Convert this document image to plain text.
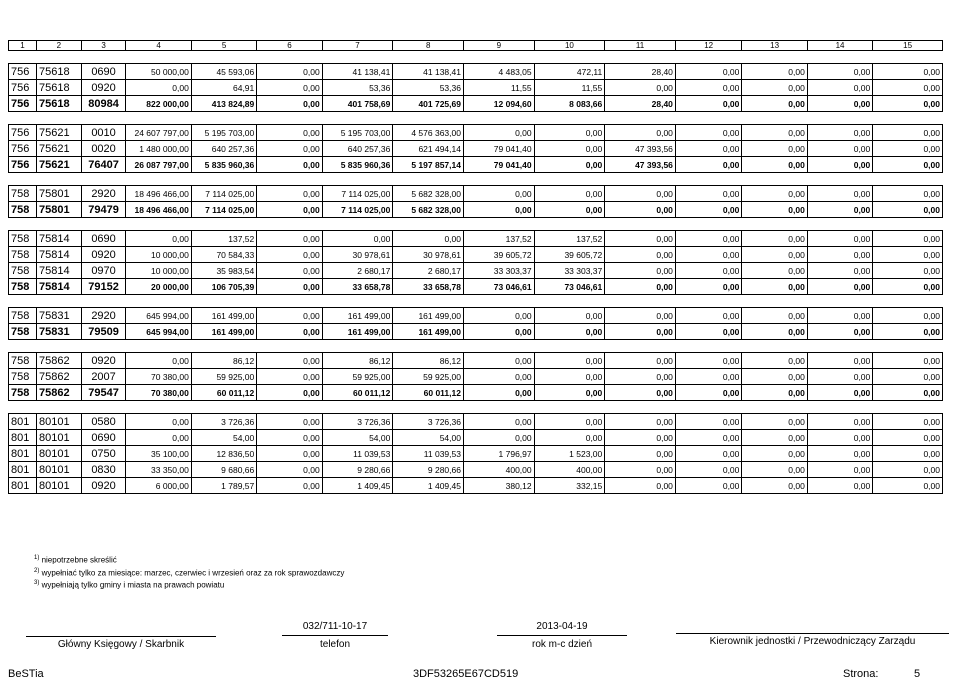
1	2	3	4	5	6	7	8	9	10	11	12	13	14	15

756	75618	0690	50 000,00	45 593,06	0,00	41 138,41	41 138,41	4 483,05	472,11	28,40	0,00	0,00	0,00	0,00
756	75618	0920	0,00	64,91	0,00	53,36	53,36	11,55	11,55	0,00	0,00	0,00	0,00	0,00
756	75618	80984	822 000,00	413 824,89	0,00	401 758,69	401 725,69	12 094,60	8 083,66	28,40	0,00	0,00	0,00	0,00

756	75621	0010	24 607 797,00	5 195 703,00	0,00	5 195 703,00	4 576 363,00	0,00	0,00	0,00	0,00	0,00	0,00	0,00
756	75621	0020	1 480 000,00	640 257,36	0,00	640 257,36	621 494,14	79 041,40	0,00	47 393,56	0,00	0,00	0,00	0,00
756	75621	76407	26 087 797,00	5 835 960,36	0,00	5 835 960,36	5 197 857,14	79 041,40	0,00	47 393,56	0,00	0,00	0,00	0,00

758	75801	2920	18 496 466,00	7 114 025,00	0,00	7 114 025,00	5 682 328,00	0,00	0,00	0,00	0,00	0,00	0,00	0,00
758	75801	79479	18 496 466,00	7 114 025,00	0,00	7 114 025,00	5 682 328,00	0,00	0,00	0,00	0,00	0,00	0,00	0,00

758	75814	0690	0,00	137,52	0,00	0,00	0,00	137,52	137,52	0,00	0,00	0,00	0,00	0,00
758	75814	0920	10 000,00	70 584,33	0,00	30 978,61	30 978,61	39 605,72	39 605,72	0,00	0,00	0,00	0,00	0,00
758	75814	0970	10 000,00	35 983,54	0,00	2 680,17	2 680,17	33 303,37	33 303,37	0,00	0,00	0,00	0,00	0,00
758	75814	79152	20 000,00	106 705,39	0,00	33 658,78	33 658,78	73 046,61	73 046,61	0,00	0,00	0,00	0,00	0,00

758	75831	2920	645 994,00	161 499,00	0,00	161 499,00	161 499,00	0,00	0,00	0,00	0,00	0,00	0,00	0,00
758	75831	79509	645 994,00	161 499,00	0,00	161 499,00	161 499,00	0,00	0,00	0,00	0,00	0,00	0,00	0,00

758	75862	0920	0,00	86,12	0,00	86,12	86,12	0,00	0,00	0,00	0,00	0,00	0,00	0,00
758	75862	2007	70 380,00	59 925,00	0,00	59 925,00	59 925,00	0,00	0,00	0,00	0,00	0,00	0,00	0,00
758	75862	79547	70 380,00	60 011,12	0,00	60 011,12	60 011,12	0,00	0,00	0,00	0,00	0,00	0,00	0,00

801	80101	0580	0,00	3 726,36	0,00	3 726,36	3 726,36	0,00	0,00	0,00	0,00	0,00	0,00	0,00
801	80101	0690	0,00	54,00	0,00	54,00	54,00	0,00	0,00	0,00	0,00	0,00	0,00	0,00
801	80101	0750	35 100,00	12 836,50	0,00	11 039,53	11 039,53	1 796,97	1 523,00	0,00	0,00	0,00	0,00	0,00
801	80101	0830	33 350,00	9 680,66	0,00	9 280,66	9 280,66	400,00	400,00	0,00	0,00	0,00	0,00	0,00
801	80101	0920	6 000,00	1 789,57	0,00	1 409,45	1 409,45	380,12	332,15	0,00	0,00	0,00	0,00	0,00
$^{1)}$ niepotrzebne skreślić
$^{2)}$ wypełniać tylko za miesiące: marzec, czerwiec i wrzesień oraz za rok sprawozdawczy
$^{3)}$ wypełniają tylko gminy i miasta na prawach powiatu
Główny Księgowy / Skarbnik
032/711-10-17
telefon
2013-04-19
rok m-c dzień	Kierownik jednostki / Przewodniczący Zarządu
BeSTia	3DF53265E67CD519	Strona:	5
